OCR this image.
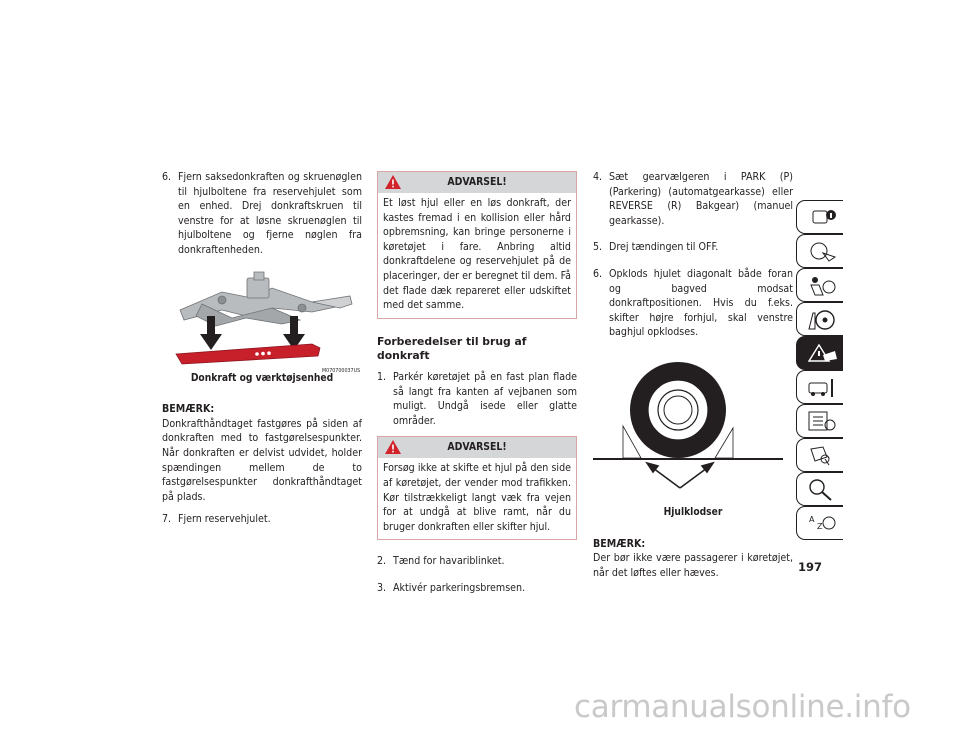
6. Fjern saksedonkraften og skruenøglen til hjulboltene fra reservehjulet som en enhed. Drej donkraftskruen til venstre for at løsne skruenøglen til hjulboltene og fjerne nøglen fra donkraftenheden.
M070700037US
Donkraft og værktøjsenhed
BEMÆRK:

Donkrafthåndtaget fastgøres på siden af donkraften med to fastgørelsespunkter. Når donkraften er delvist udvidet, holder spændingen mellem de to fastgørelsespunkter donkrafthåndtaget på plads.

7. Fjern reservehjulet.
ADVARSEL!
Et løst hjul eller en løs donkraft, der kastes fremad i en kollision eller hård opbremsning, kan bringe personerne i køretøjet i fare. Anbring altid donkraftdelene og reservehjulet på de placeringer, der er beregnet til dem. Få det flade dæk repareret eller udskiftet med det samme.
Forberedelser til brug af donkraft
1. Parkér køretøjet på en fast plan flade så langt fra kanten af vejbanen som muligt. Undgå isede eller glatte områder.
ADVARSEL!
Forsøg ikke at skifte et hjul på den side af køretøjet, der vender mod trafikken. Kør tilstrækkeligt langt væk fra vejen for at undgå at blive ramt, når du bruger donkraften eller skifter hjul.
2. Tænd for havariblinket.
3. Aktivér parkeringsbremsen.
4. Sæt gearvælgeren i PARK (P) (Parkering) (automatgearkasse) eller REVERSE (R) Bakgear) (manuel gearkasse).
5. Drej tændingen til OFF.
6. Opklods hjulet diagonalt både foran og bagved modsat donkraftpositionen. Hvis du f.eks. skifter højre forhjul, skal venstre baghjul opklodses.
Hjulklodser
BEMÆRK:

Der bør ikke være passagerer i køretøjet, når det løftes eller hæves.

A
Z
197
carmanualsonline.info
